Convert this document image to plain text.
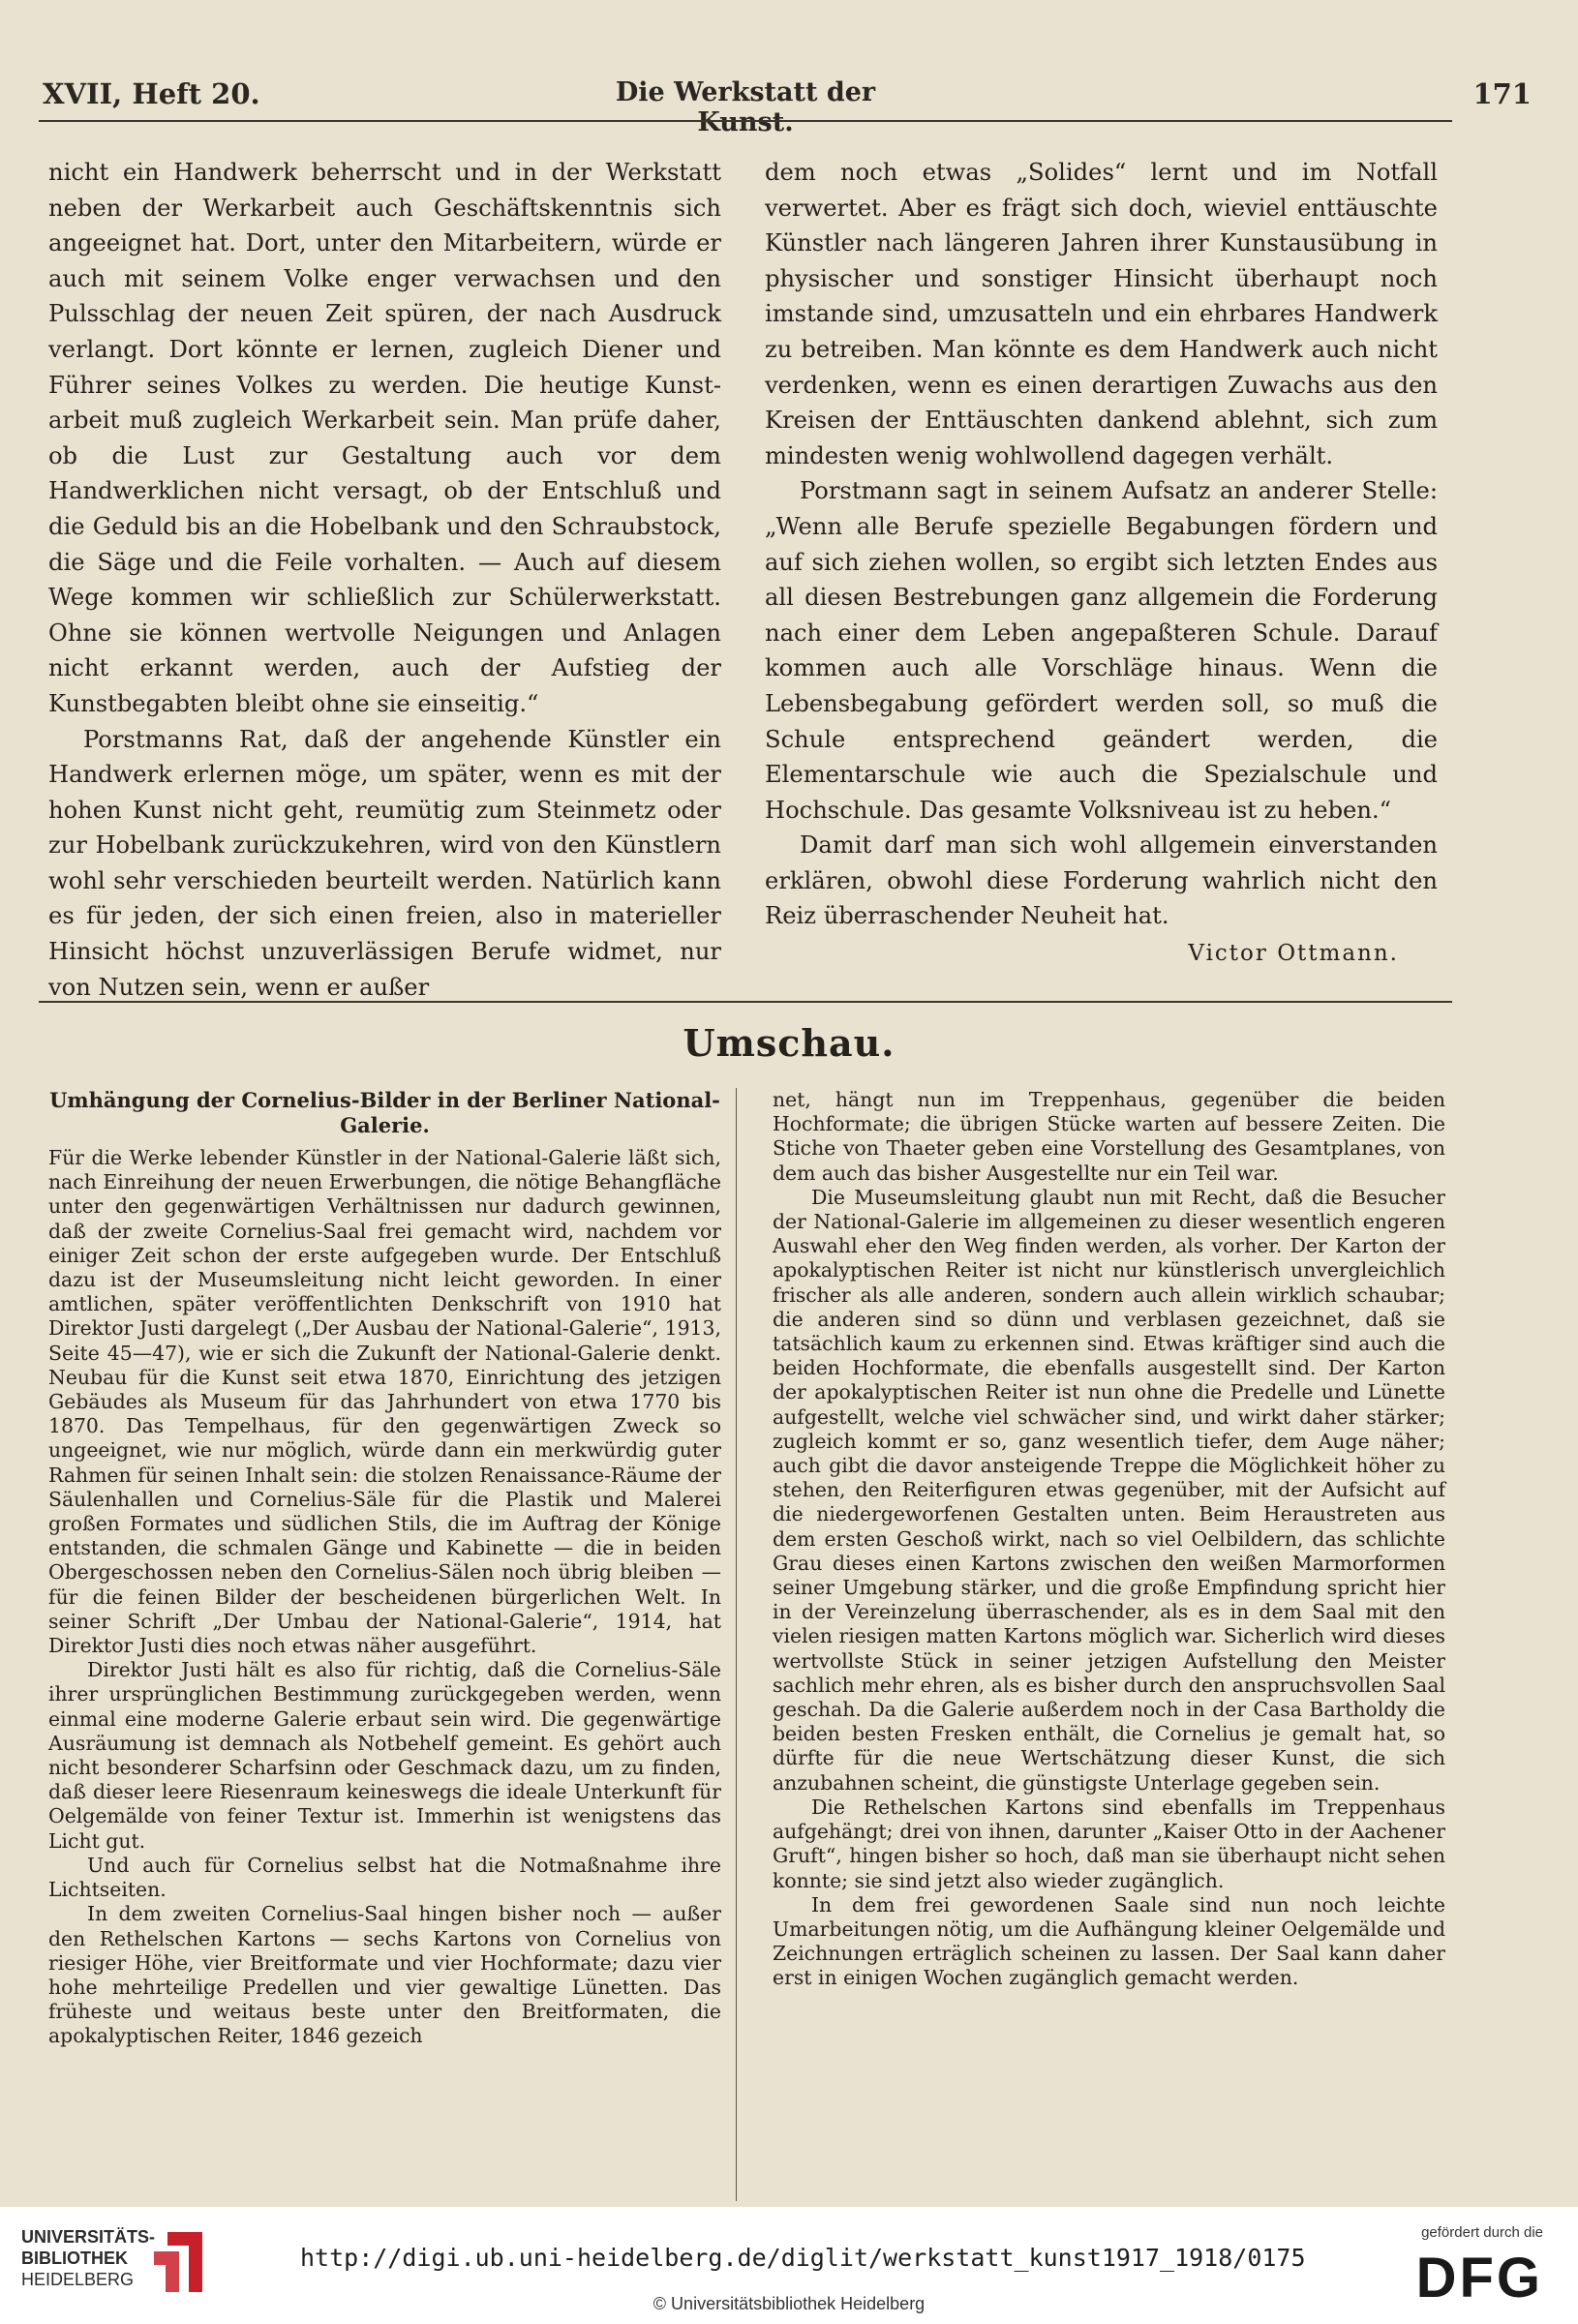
XVII, Heft 20.	Die Werkstatt der Kunst.
171

nicht ein Handwerk beherrscht und in der Werkstatt neben der Werkarbeit auch Geschäftskenntnis sich angeeignet hat. Dort, unter den Mitarbeitern, würde er auch mit seinem Volke enger verwachsen und den Pulsschlag der neuen Zeit spüren, der nach Ausdruck verlangt. Dort könnte er lernen, zugleich Diener und Führer seines Volkes zu werden. Die heutige Kunstarbeit muß zugleich Werkarbeit sein. Man prüfe daher, ob die Lust zur Gestaltung auch vor dem Handwerklichen nicht versagt, ob der Entschluß und die Geduld bis an die Hobelbank und den Schraubstock, die Säge und die Feile vorhalten. — Auch auf diesem Wege kommen wir schließlich zur Schülerwerkstatt. Ohne sie können wertvolle Neigungen und Anlagen nicht erkannt werden, auch der Aufstieg der Kunstbegabten bleibt ohne sie einseitig.“

Porstmanns Rat, daß der angehende Künstler ein Handwerk erlernen möge, um später, wenn es mit der hohen Kunst nicht geht, reumütig zum Steinmetz oder zur Hobelbank zurückzukehren, wird von den Künstlern wohl sehr verschieden beurteilt werden. Natürlich kann es für jeden, der sich einen freien, also in materieller Hinsicht höchst unzuverlässigen Berufe widmet, nur von Nutzen sein, wenn er außer

dem noch etwas „Solides“ lernt und im Notfall verwertet. Aber es frägt sich doch, wieviel enttäuschte Künstler nach längeren Jahren ihrer Kunstausübung in physischer und sonstiger Hinsicht überhaupt noch imstande sind, umzusatteln und ein ehrbares Handwerk zu betreiben. Man könnte es dem Handwerk auch nicht verdenken, wenn es einen derartigen Zuwachs aus den Kreisen der Enttäuschten dankend ablehnt, sich zum mindesten wenig wohlwollend dagegen verhält.

Porstmann sagt in seinem Aufsatz an anderer Stelle: „Wenn alle Berufe spezielle Begabungen fördern und auf sich ziehen wollen, so ergibt sich letzten Endes aus all diesen Bestrebungen ganz allgemein die Forderung nach einer dem Leben angepaßteren Schule. Darauf kommen auch alle Vorschläge hinaus. Wenn die Lebensbegabung gefördert werden soll, so muß die Schule entsprechend geändert werden, die Elementarschule wie auch die Spezialschule und Hochschule. Das gesamte Volksniveau ist zu heben.“

Damit darf man sich wohl allgemein einverstanden erklären, obwohl diese Forderung wahrlich nicht den Reiz überraschender Neuheit hat.

Victor Ottmann.
Umschau.
Umhängung der Cornelius-Bilder in der Berliner National-Galerie.

Für die Werke lebender Künstler in der National-Galerie läßt sich, nach Einreihung der neuen Erwerbungen, die nötige Behangfläche unter den gegenwärtigen Verhältnissen nur dadurch gewinnen, daß der zweite Cornelius-Saal frei gemacht wird, nachdem vor einiger Zeit schon der erste aufgegeben wurde. Der Entschluß dazu ist der Museumsleitung nicht leicht geworden. In einer amtlichen, später veröffentlichten Denkschrift von 1910 hat Direktor Justi dargelegt („Der Ausbau der National-Galerie“, 1913, Seite 45—47), wie er sich die Zukunft der National-Galerie denkt. Neubau für die Kunst seit etwa 1870, Einrichtung des jetzigen Gebäudes als Museum für das Jahrhundert von etwa 1770 bis 1870. Das Tempelhaus, für den gegenwärtigen Zweck so ungeeignet, wie nur möglich, würde dann ein merkwürdig guter Rahmen für seinen Inhalt sein: die stolzen Renaissance-Räume der Säulenhallen und Cornelius-Säle für die Plastik und Malerei großen Formates und südlichen Stils, die im Auftrag der Könige entstanden, die schmalen Gänge und Kabinette — die in beiden Obergeschossen neben den Cornelius-Sälen noch übrig bleiben — für die feinen Bilder der bescheidenen bürgerlichen Welt. In seiner Schrift „Der Umbau der National-Galerie“, 1914, hat Direktor Justi dies noch etwas näher ausgeführt.

Direktor Justi hält es also für richtig, daß die Cornelius-Säle ihrer ursprünglichen Bestimmung zurückgegeben werden, wenn einmal eine moderne Galerie erbaut sein wird. Die gegenwärtige Ausräumung ist demnach als Notbehelf gemeint. Es gehört auch nicht besonderer Scharfsinn oder Geschmack dazu, um zu finden, daß dieser leere Riesenraum keineswegs die ideale Unterkunft für Oelgemälde von feiner Textur ist. Immerhin ist wenigstens das Licht gut.

Und auch für Cornelius selbst hat die Notmaßnahme ihre Lichtseiten.

In dem zweiten Cornelius-Saal hingen bisher noch — außer den Rethelschen Kartons — sechs Kartons von Cornelius von riesiger Höhe, vier Breitformate und vier Hochformate; dazu vier hohe mehrteilige Predellen und vier gewaltige Lünetten. Das früheste und weitaus beste unter den Breitformaten, die apokalyptischen Reiter, 1846 gezeich

net, hängt nun im Treppenhaus, gegenüber die beiden Hochformate; die übrigen Stücke warten auf bessere Zeiten. Die Stiche von Thaeter geben eine Vorstellung des Gesamtplanes, von dem auch das bisher Ausgestellte nur ein Teil war.

Die Museumsleitung glaubt nun mit Recht, daß die Besucher der National-Galerie im allgemeinen zu dieser wesentlich engeren Auswahl eher den Weg finden werden, als vorher. Der Karton der apokalyptischen Reiter ist nicht nur künstlerisch unvergleichlich frischer als alle anderen, sondern auch allein wirklich schaubar; die anderen sind so dünn und verblasen gezeichnet, daß sie tatsächlich kaum zu erkennen sind. Etwas kräftiger sind auch die beiden Hochformate, die ebenfalls ausgestellt sind. Der Karton der apokalyptischen Reiter ist nun ohne die Predelle und Lünette aufgestellt, welche viel schwächer sind, und wirkt daher stärker; zugleich kommt er so, ganz wesentlich tiefer, dem Auge näher; auch gibt die davor ansteigende Treppe die Möglichkeit höher zu stehen, den Reiterfiguren etwas gegenüber, mit der Aufsicht auf die niedergeworfenen Gestalten unten. Beim Heraustreten aus dem ersten Geschoß wirkt, nach so viel Oelbildern, das schlichte Grau dieses einen Kartons zwischen den weißen Marmorformen seiner Umgebung stärker, und die große Empfindung spricht hier in der Vereinzelung überraschender, als es in dem Saal mit den vielen riesigen matten Kartons möglich war. Sicherlich wird dieses wertvollste Stück in seiner jetzigen Aufstellung den Meister sachlich mehr ehren, als es bisher durch den anspruchsvollen Saal geschah. Da die Galerie außerdem noch in der Casa Bartholdy die beiden besten Fresken enthält, die Cornelius je gemalt hat, so dürfte für die neue Wertschätzung dieser Kunst, die sich anzubahnen scheint, die günstigste Unterlage gegeben sein.

Die Rethelschen Kartons sind ebenfalls im Treppenhaus aufgehängt; drei von ihnen, darunter „Kaiser Otto in der Aachener Gruft“, hingen bisher so hoch, daß man sie überhaupt nicht sehen konnte; sie sind jetzt also wieder zugänglich.

In dem frei gewordenen Saale sind nun noch leichte Umarbeitungen nötig, um die Aufhängung kleiner Oelgemälde und Zeichnungen erträglich scheinen zu lassen. Der Saal kann daher erst in einigen Wochen zugänglich gemacht werden.

UNIVERSITÄTS-
BIBLIOTHEK
HEIDELBERG
http://digi.ub.uni-heidelberg.de/diglit/werkstatt_kunst1917_1918/0175
© Universitätsbibliothek Heidelberg
gefördert durch die
DFG
